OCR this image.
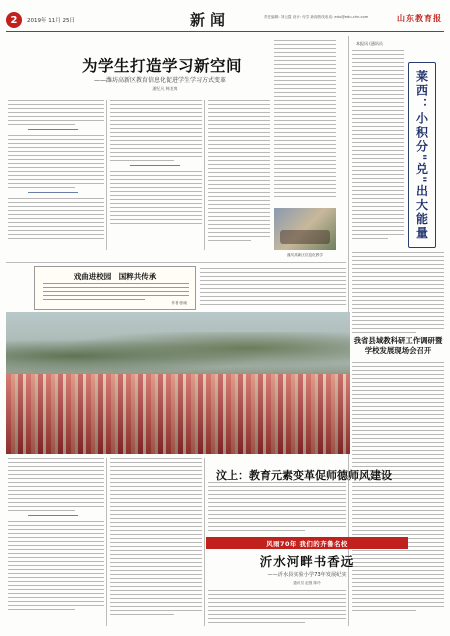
2	2019年 11月 25日	新闻	责任编辑: 刘云霞 设计: 付学 新闻热线电话: edu@edu-chn.com	山东教育报
为学生打造学习新空间
——潍坊高新区教育信息化促进学生学习方式变革
潘纪凡 韩龙爽
潍坊高新区信息化教学
本报讯 (通讯员
莱西：小积分"兑"出大能量
我省县域教科研工作调研暨学校发展现场会召开
戏曲进校园　国粹共传承
作者:张晓
汶上：教育元素变革促师德师风建设
风雨70年 我们的齐鲁名校
沂水河畔书香远
——沂水县实验小学73年发展纪实
通讯员 赵强 陈玲
